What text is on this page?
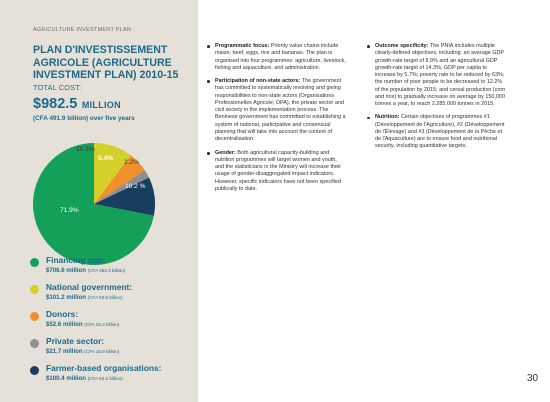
AGRICULTURE INVESTMENT PLAN
PLAN D'INVESTISSEMENT AGRICOLE (AGRICULTURE INVESTMENT PLAN) 2010-15
TOTAL COST:
$982.5 MILLION
(CFA 491.9 billion) over five years
10.3%
5.4%
2.2%
10.2 %
71.9%
Financing gap:
$706.6 million (CFA 353.3 billion)
National government:
$101.2 million (CFA 50.6 billion)
Donors:
$52.6 million (CFA 26.3 billion)
Private sector:
$21.7 million (CFA 10.9 billion)
Farmer-based organisations:
$100.4 million (CFA 50.2 billion)
Programmatic focus: Priority value chains include maize, beef, eggs, rice and bananas. The plan is organised into four programmes: agriculture, livestock, fishing and aquaculture, and administration.
Participation of non-state actors: The government has committed to systematically involving and giving responsibilities to non-state actors (Organisations Professionelles Agricole; OPA), the private sector and civil society in the implementation process. The Beninese government has committed to establishing a system of national, participative and consensual planning that will take into account the context of decentralisation.
Gender: Both agricultural capacity-building and nutrition programmes will target women and youth, and the statisticians in the Ministry will increase their usage of gender-disaggregated impact indicators. However, specific indicators have not been specified publically to date.
Outcome specificity: The PNIA includes multiple clearly-defined objectives, including: an average GDP growth-rate target of 8.9% and an agricultural GDP growth-rate target of 14.3%; GDP per capita to increase by 5.7%; poverty rate to be reduced by 63%; the number of poor people to be decreased to 12.2% of the population by 2015; and cereal production (corn and rice) to gradually increase on average by 150,000 tonnes a year, to reach 2,285,000 tonnes in 2015.
Nutrition: Certain objectives of programmes #1 (Développement de l'Agriculture), #2 (Développement de l'Élevage) and #3 (Développement de la Pêche et de l'Aquaculture) are to ensure food and nutritional security, including quantitative targets.
30
